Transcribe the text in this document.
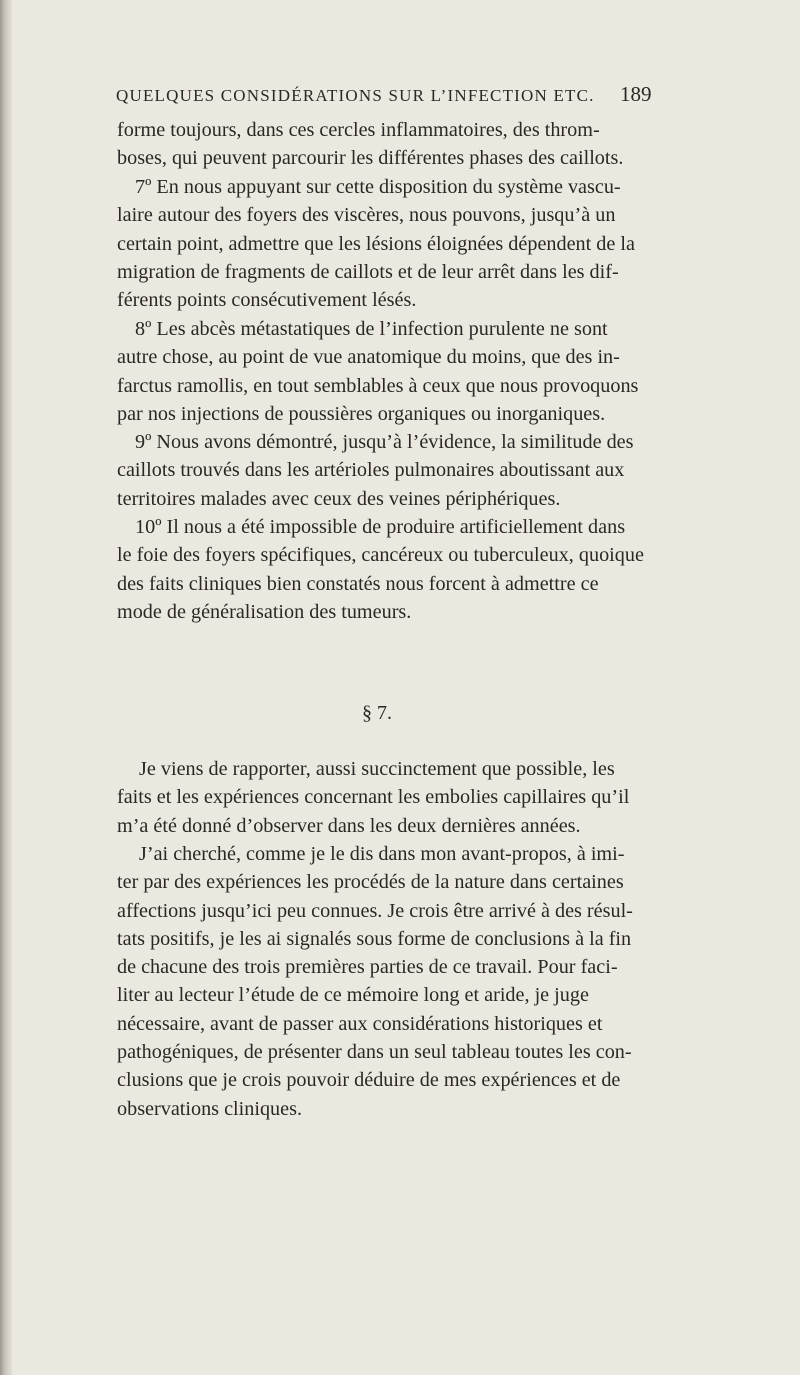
QUELQUES CONSIDÉRATIONS SUR L’INFECTION ETC.	189

forme toujours, dans ces cercles inflammatoires, des throm-
boses, qui peuvent parcourir les différentes phases des caillots.

7º En nous appuyant sur cette disposition du système vascu-
laire autour des foyers des viscères, nous pouvons, jusqu’à un
certain point, admettre que les lésions éloignées dépendent de la
migration de fragments de caillots et de leur arrêt dans les dif-
férents points consécutivement lésés.

8º Les abcès métastatiques de l’infection purulente ne sont
autre chose, au point de vue anatomique du moins, que des in-
farctus ramollis, en tout semblables à ceux que nous provoquons
par nos injections de poussières organiques ou inorganiques.

9º Nous avons démontré, jusqu’à l’évidence, la similitude des
caillots trouvés dans les artérioles pulmonaires aboutissant aux
territoires malades avec ceux des veines périphériques.

10º Il nous a été impossible de produire artificiellement dans
le foie des foyers spécifiques, cancéreux ou tuberculeux, quoique
des faits cliniques bien constatés nous forcent à admettre ce
mode de généralisation des tumeurs.

§ 7.

Je viens de rapporter, aussi succinctement que possible, les
faits et les expériences concernant les embolies capillaires qu’il
m’a été donné d’observer dans les deux dernières années.

J’ai cherché, comme je le dis dans mon avant-propos, à imi-
ter par des expériences les procédés de la nature dans certaines
affections jusqu’ici peu connues. Je crois être arrivé à des résul-
tats positifs, je les ai signalés sous forme de conclusions à la fin
de chacune des trois premières parties de ce travail. Pour faci-
liter au lecteur l’étude de ce mémoire long et aride, je juge
nécessaire, avant de passer aux considérations historiques et
pathogéniques, de présenter dans un seul tableau toutes les con-
clusions que je crois pouvoir déduire de mes expériences et de
observations cliniques.
